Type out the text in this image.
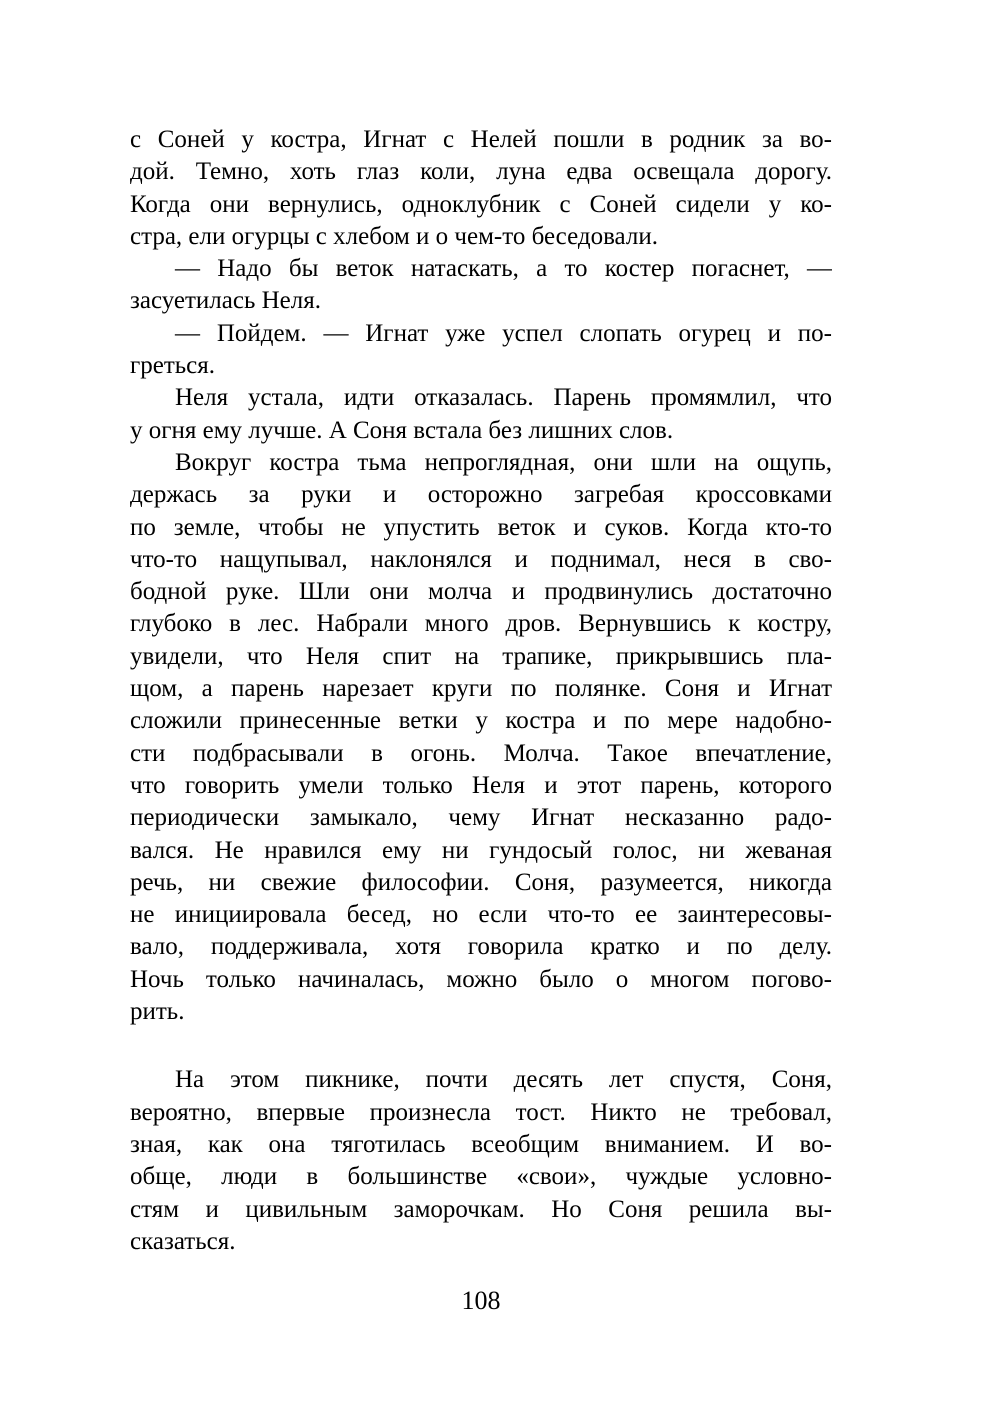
с Соней у костра, Игнат с Нелей пошли в родник за во-
дой. Темно, хоть глаз коли, луна едва освещала дорогу.
Когда они вернулись, одноклубник с Соней сидели у ко-
стра, ели огурцы с хлебом и о чем-то беседовали.
— Надо бы веток натаскать, а то костер погаснет, —
засуетилась Неля.
— Пойдем. — Игнат уже успел слопать огурец и по-
греться.
Неля устала, идти отказалась. Парень промямлил, что
у огня ему лучше. А Соня встала без лишних слов.
Вокруг костра тьма непроглядная, они шли на ощупь,
держась за руки и осторожно загребая кроссовками
по земле, чтобы не упустить веток и суков. Когда кто-то
что-то нащупывал, наклонялся и поднимал, неся в сво-
бодной руке. Шли они молча и продвинулись достаточно
глубоко в лес. Набрали много дров. Вернувшись к костру,
увидели, что Неля спит на трапике, прикрывшись пла-
щом, а парень нарезает круги по полянке. Соня и Игнат
сложили принесенные ветки у костра и по мере надобно-
сти подбрасывали в огонь. Молча. Такое впечатление,
что говорить умели только Неля и этот парень, которого
периодически замыкало, чему Игнат несказанно радо-
вался. Не нравился ему ни гундосый голос, ни жеваная
речь, ни свежие философии. Соня, разумеется, никогда
не инициировала бесед, но если что-то ее заинтересовы-
вало, поддерживала, хотя говорила кратко и по делу.
Ночь только начиналась, можно было о многом погово-
рить.
На этом пикнике, почти десять лет спустя, Соня,
вероятно, впервые произнесла тост. Никто не требовал,
зная, как она тяготилась всеобщим вниманием. И во-
обще, люди в большинстве «свои», чуждые условно-
стям и цивильным заморочкам. Но Соня решила вы-
сказаться.
108
